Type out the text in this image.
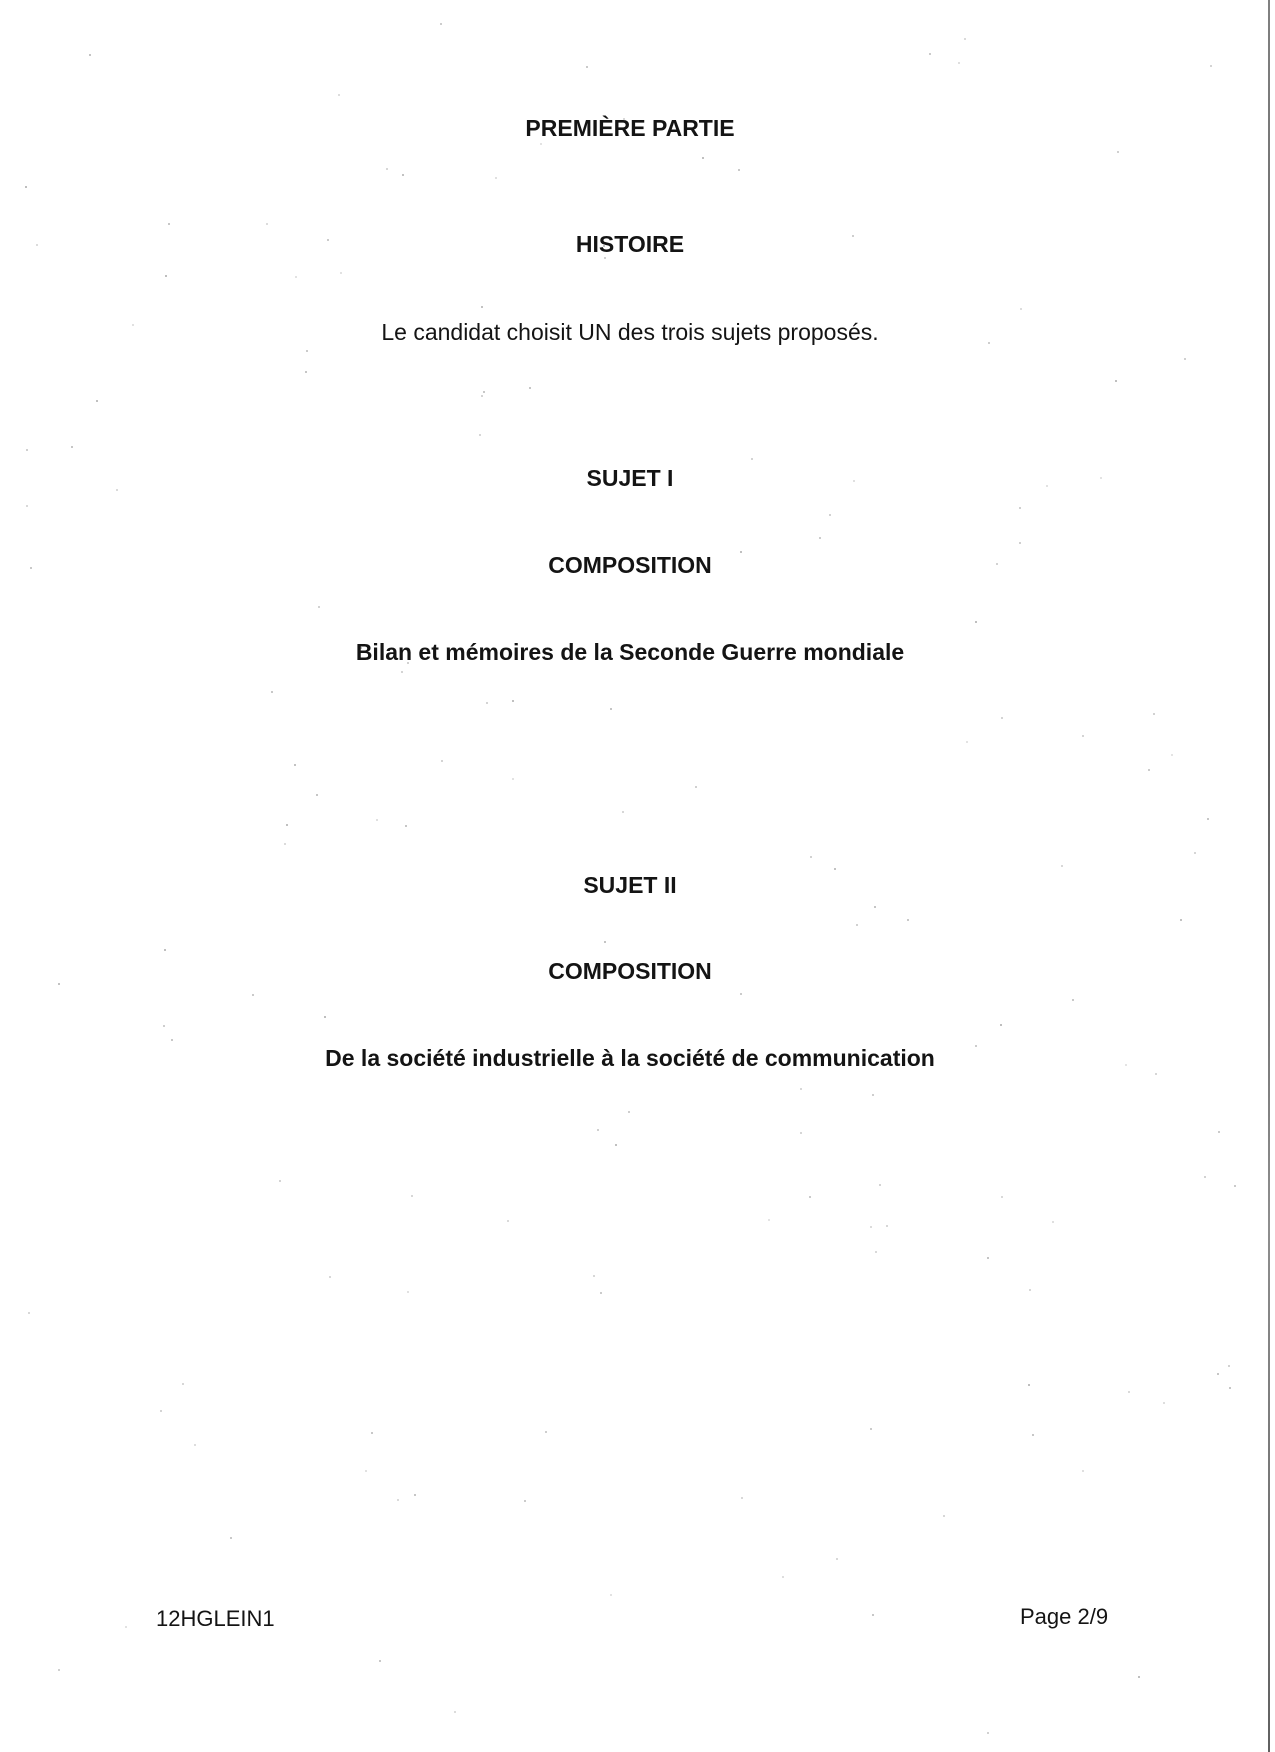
PREMIÈRE PARTIE
HISTOIRE
Le candidat choisit UN des trois sujets proposés.
SUJET I
COMPOSITION
Bilan et mémoires de la Seconde Guerre mondiale
SUJET II
COMPOSITION
De la société industrielle à la société de communication
12HGLEIN1	Page 2/9
